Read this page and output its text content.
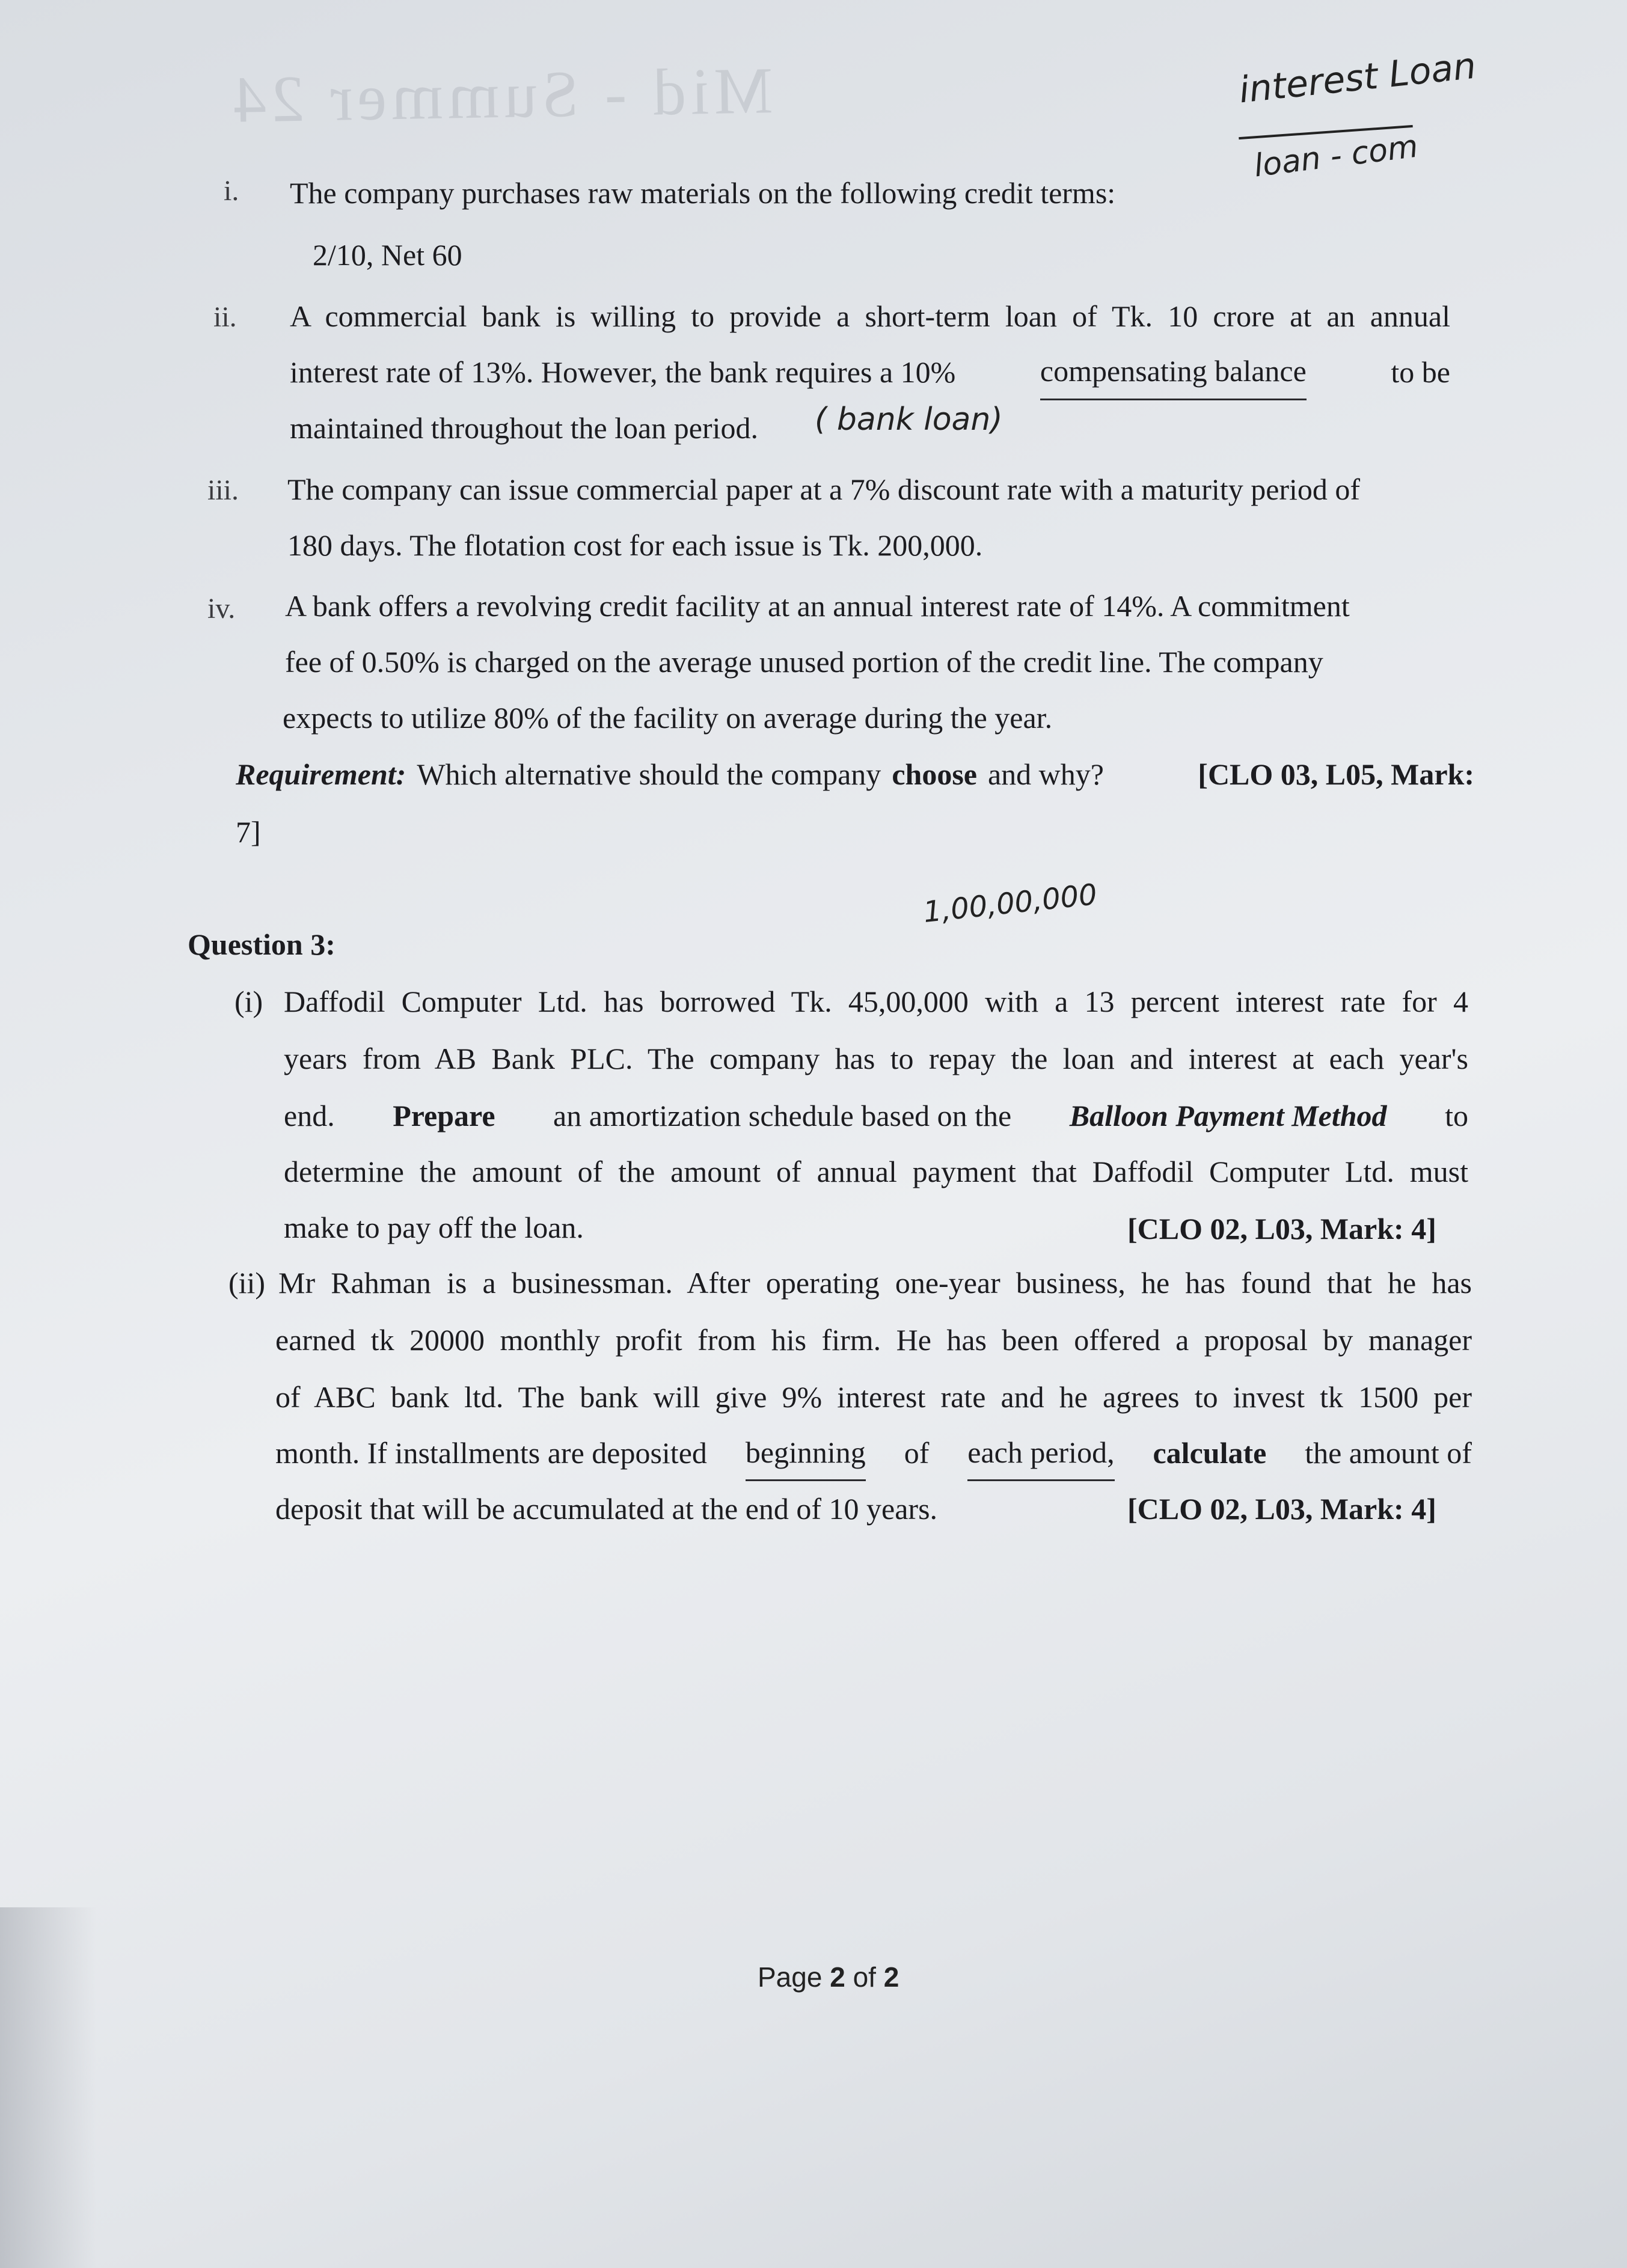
Mid - Summer 24	interest Loan
loan - com
i. The company purchases raw materials on the following credit terms:
2/10, Net 60
ii. A commercial bank is willing to provide a short-term loan of Tk. 10 crore at an annual
interest rate of 13%. However, the bank requires a 10%	compensating balance	to be
maintained throughout the loan period. ( bank loan)
iii. The company can issue commercial paper at a 7% discount rate with a maturity period of
180 days. The flotation cost for each issue is Tk. 200,000.
iv. A bank offers a revolving credit facility at an annual interest rate of 14%. A commitment
fee of 0.50% is charged on the average unused portion of the credit line. The company
expects to utilize 80% of the facility on average during the year.
Requirement: Which alternative should the company choose and why?	[CLO 03, L05, Mark:
7]
1,00,00,000
Question 3:
(i) Daffodil Computer Ltd. has borrowed Tk. 45,00,000 with a 13 percent interest rate for 4
years from AB Bank PLC. The company has to repay the loan and interest at each year's
end. Prepare an amortization schedule based on the Balloon Payment Method to
determine the amount of the amount of annual payment that Daffodil Computer Ltd. must
make to pay off the loan.	[CLO 02, L03, Mark: 4]
(ii) Mr Rahman is a businessman. After operating one-year business, he has found that he has
earned tk 20000 monthly profit from his firm. He has been offered a proposal by manager
of ABC bank ltd. The bank will give 9% interest rate and he agrees to invest tk 1500 per
month. If installments are deposited beginning of each period, calculate the amount of
deposit that will be accumulated at the end of 10 years.	[CLO 02, L03, Mark: 4]
Page 2 of 2
